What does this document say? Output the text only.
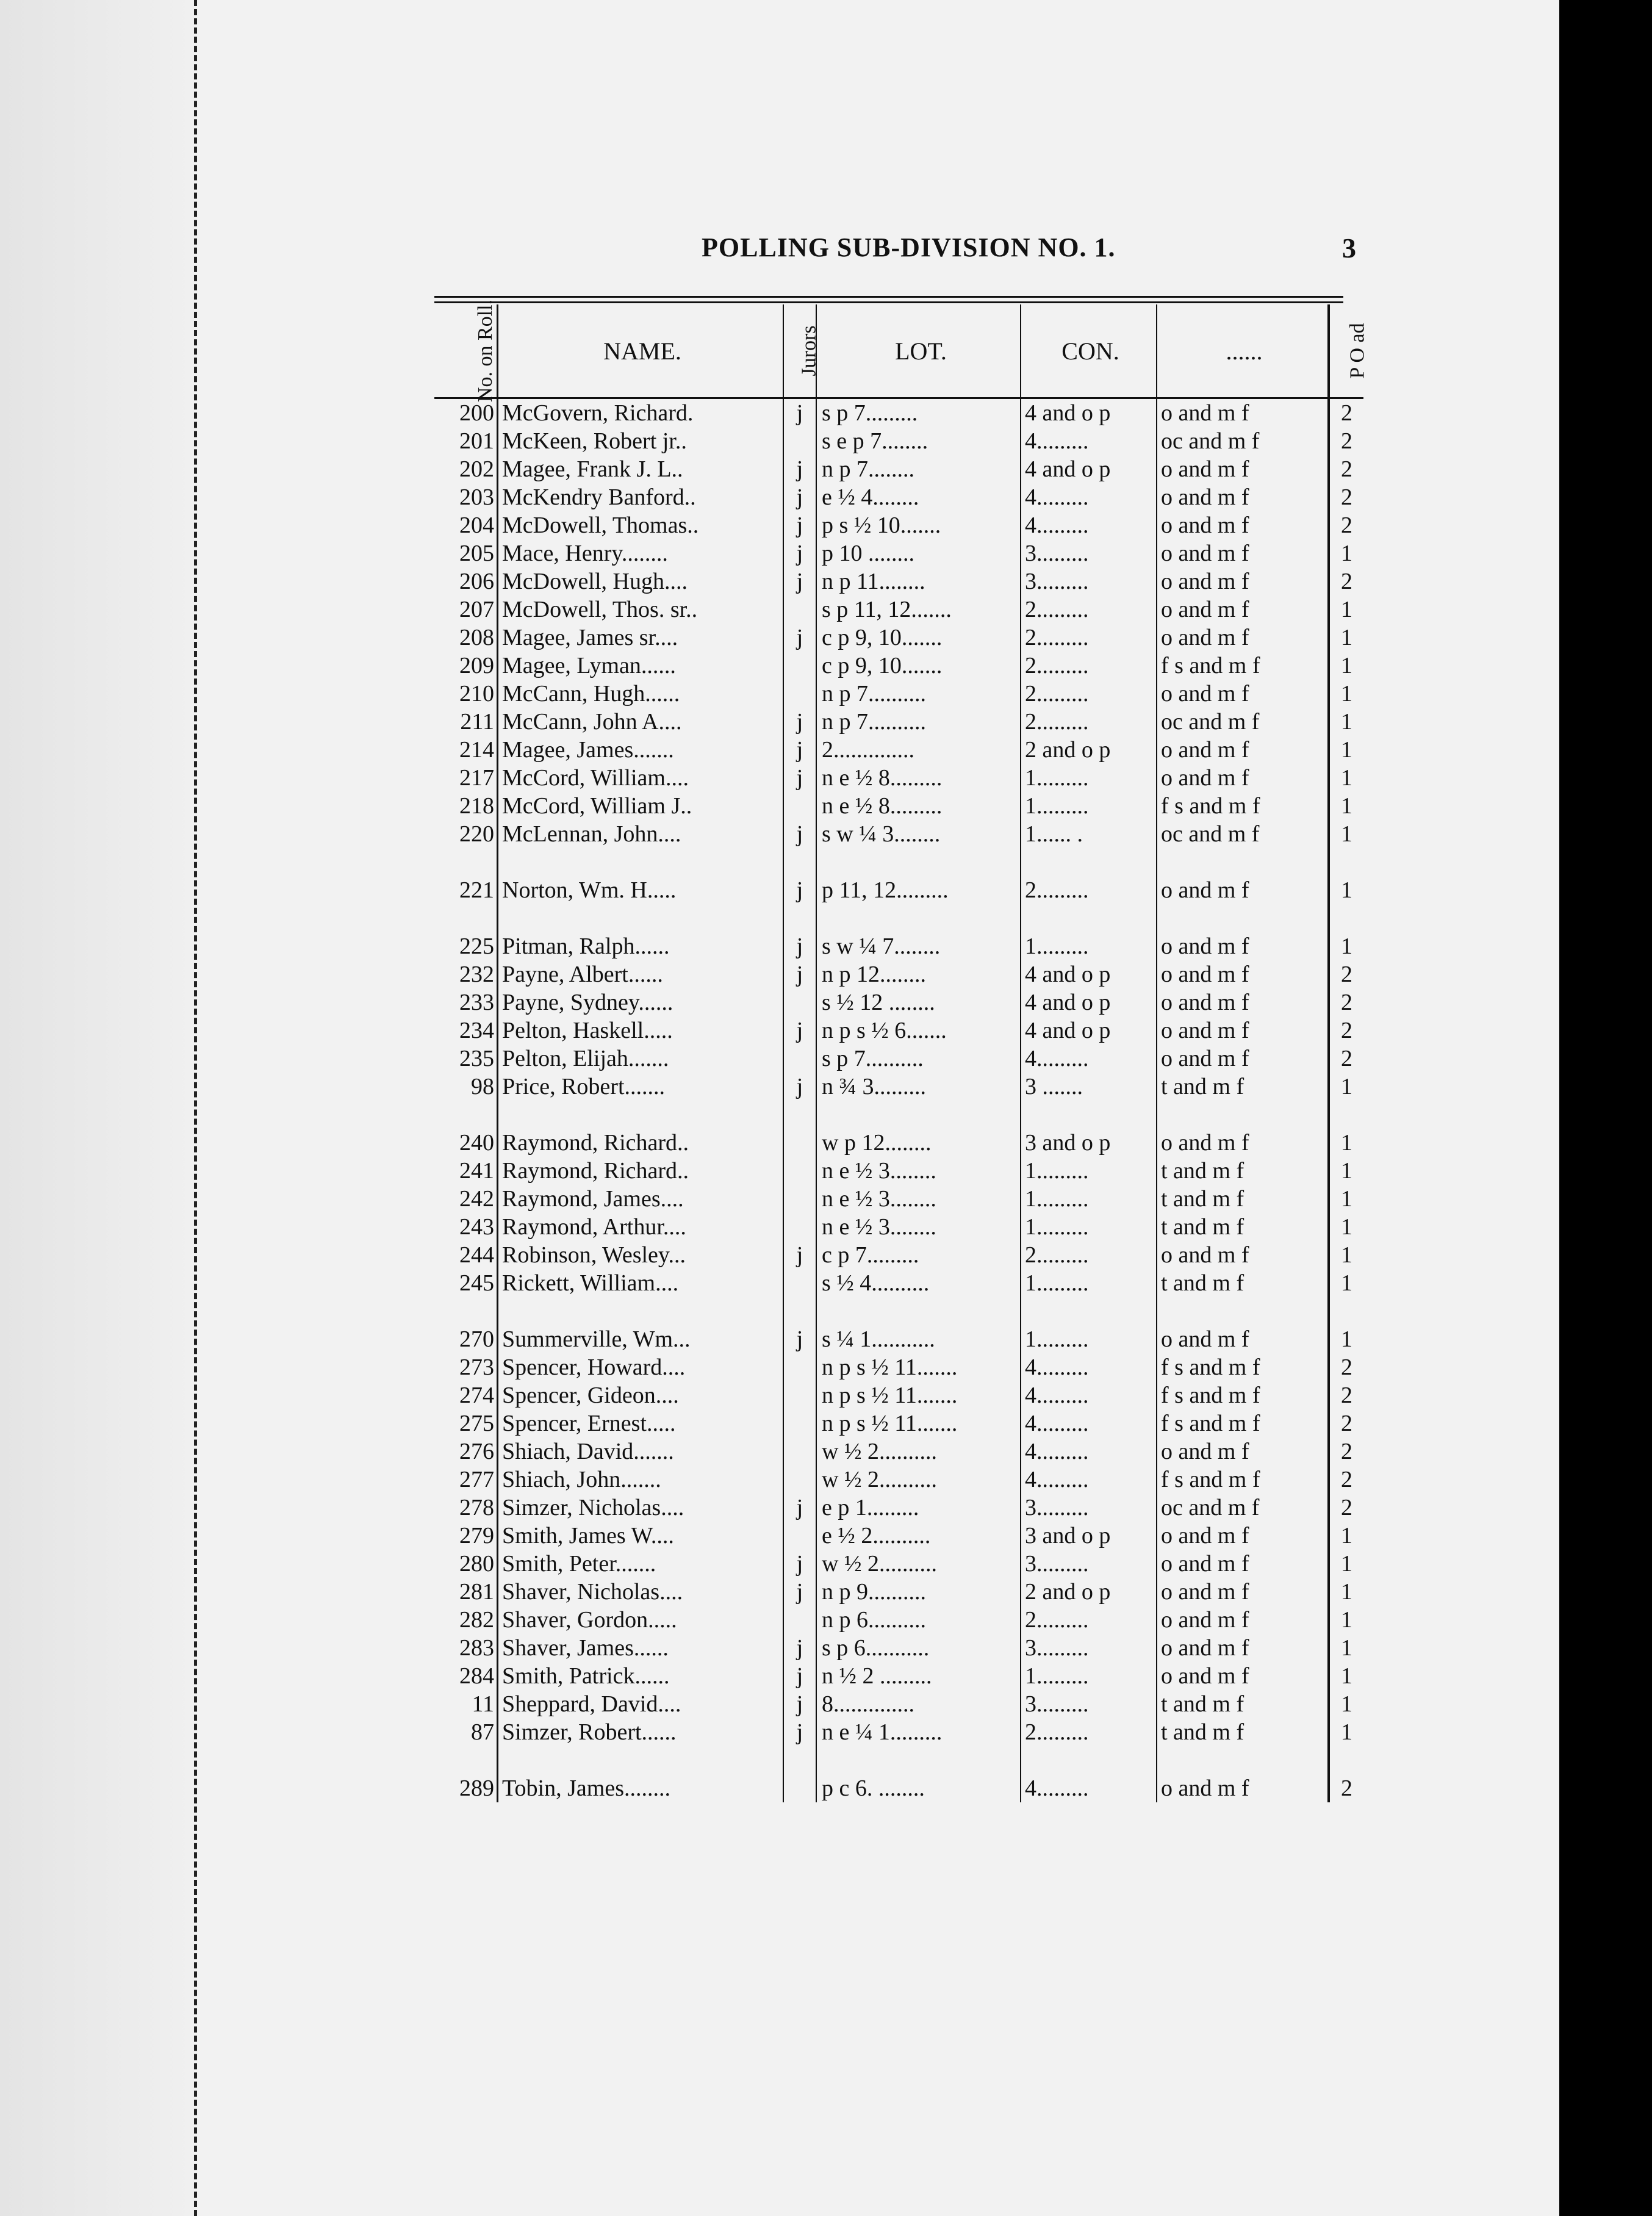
POLLING SUB-DIVISION NO. 1.	3
No. on Roll.	NAME.	Jurors	LOT.	CON.	......	P O ad
200	McGovern, Richard.	j	s p 7.........	4 and o p	o and m f	2
201	McKeen, Robert jr..		s e p 7........	4.........	oc and m f	2
202	Magee, Frank J. L..	j	n p 7........	4 and o p	o and m f	2
203	McKendry Banford..	j	e ½ 4........	4.........	o and m f	2
204	McDowell, Thomas..	j	p s ½ 10.......	4.........	o and m f	2
205	Mace, Henry........	j	p 10 ........	3.........	o and m f	1
206	McDowell, Hugh....	j	n p 11........	3.........	o and m f	2
207	McDowell, Thos. sr..		s p 11, 12.......	2.........	o and m f	1
208	Magee, James sr....	j	c p 9, 10.......	2.........	o and m f	1
209	Magee, Lyman......		c p 9, 10.......	2.........	f s and m f	1
210	McCann, Hugh......		n p 7..........	2.........	o and m f	1
211	McCann, John A....	j	n p 7..........	2.........	oc and m f	1
214	Magee, James.......	j	2..............	2 and o p	o and m f	1
217	McCord, William....	j	n e ½ 8.........	1.........	o and m f	1
218	McCord, William J..		n e ½ 8.........	1.........	f s and m f	1
220	McLennan, John....	j	s w ¼ 3........	1...... .	oc and m f	1

221	Norton, Wm. H.....	j	p 11, 12.........	2.........	o and m f	1

225	Pitman, Ralph......	j	s w ¼ 7........	1.........	o and m f	1
232	Payne, Albert......	j	n p 12........	4 and o p	o and m f	2
233	Payne, Sydney......		s ½ 12 ........	4 and o p	o and m f	2
234	Pelton, Haskell.....	j	n p s ½ 6.......	4 and o p	o and m f	2
235	Pelton, Elijah.......		s p 7..........	4.........	o and m f	2
98	Price, Robert.......	j	n ¾ 3.........	3 .......	t and m f	1

240	Raymond, Richard..		w p 12........	3 and o p	o and m f	1
241	Raymond, Richard..		n e ½ 3........	1.........	t and m f	1
242	Raymond, James....		n e ½ 3........	1.........	t and m f	1
243	Raymond, Arthur....		n e ½ 3........	1.........	t and m f	1
244	Robinson, Wesley...	j	c p 7.........	2.........	o and m f	1
245	Rickett, William....		s ½ 4..........	1.........	t and m f	1

270	Summerville, Wm...	j	s ¼ 1...........	1.........	o and m f	1
273	Spencer, Howard....		n p s ½ 11.......	4.........	f s and m f	2
274	Spencer, Gideon....		n p s ½ 11.......	4.........	f s and m f	2
275	Spencer, Ernest.....		n p s ½ 11.......	4.........	f s and m f	2
276	Shiach, David.......		w ½ 2..........	4.........	o and m f	2
277	Shiach, John.......		w ½ 2..........	4.........	f s and m f	2
278	Simzer, Nicholas....	j	e p 1.........	3.........	oc and m f	2
279	Smith, James W....		e ½ 2..........	3 and o p	o and m f	1
280	Smith, Peter.......	j	w ½ 2..........	3.........	o and m f	1
281	Shaver, Nicholas....	j	n p 9..........	2 and o p	o and m f	1
282	Shaver, Gordon.....		n p 6..........	2.........	o and m f	1
283	Shaver, James......	j	s p 6...........	3.........	o and m f	1
284	Smith, Patrick......	j	n ½ 2 .........	1.........	o and m f	1
11	Sheppard, David....	j	8..............	3.........	t and m f	1
87	Simzer, Robert......	j	n e ¼ 1.........	2.........	t and m f	1

289	Tobin, James........		p c 6. ........	4.........	o and m f	2
